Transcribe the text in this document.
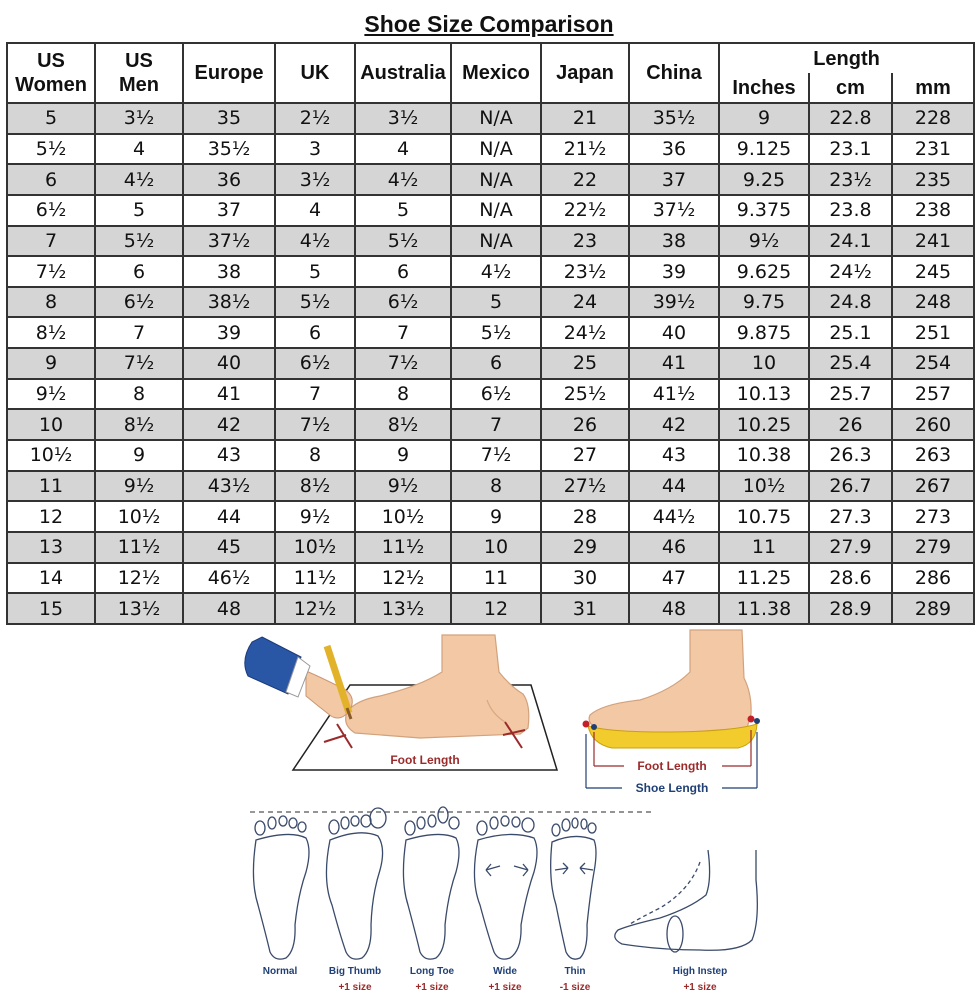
Shoe Size Comparison
US
Women	US
Men	Europe	UK	Australia	Mexico	Japan	China	Length		
								Inches	cm	mm
5	3½	35	2½	3½	N/A	21	35½	9	22.8	228
5½	4	35½	3	4	N/A	21½	36	9.125	23.1	231
6	4½	36	3½	4½	N/A	22	37	9.25	23½	235
6½	5	37	4	5	N/A	22½	37½	9.375	23.8	238
7	5½	37½	4½	5½	N/A	23	38	9½	24.1	241
7½	6	38	5	6	4½	23½	39	9.625	24½	245
8	6½	38½	5½	6½	5	24	39½	9.75	24.8	248
8½	7	39	6	7	5½	24½	40	9.875	25.1	251
9	7½	40	6½	7½	6	25	41	10	25.4	254
9½	8	41	7	8	6½	25½	41½	10.13	25.7	257
10	8½	42	7½	8½	7	26	42	10.25	26	260
10½	9	43	8	9	7½	27	43	10.38	26.3	263
11	9½	43½	8½	9½	8	27½	44	10½	26.7	267
12	10½	44	9½	10½	9	28	44½	10.75	27.3	273
13	11½	45	10½	11½	10	29	46	11	27.9	279
14	12½	46½	11½	12½	11	30	47	11.25	28.6	286
15	13½	48	12½	13½	12	31	48	11.38	28.9	289
Foot Length	Foot Length
Shoe Length
Normal	Big Thumb
+1 size
Long Toe
+1 size
Wide
+1 size
Thin
-1 size
High Instep
+1 size
